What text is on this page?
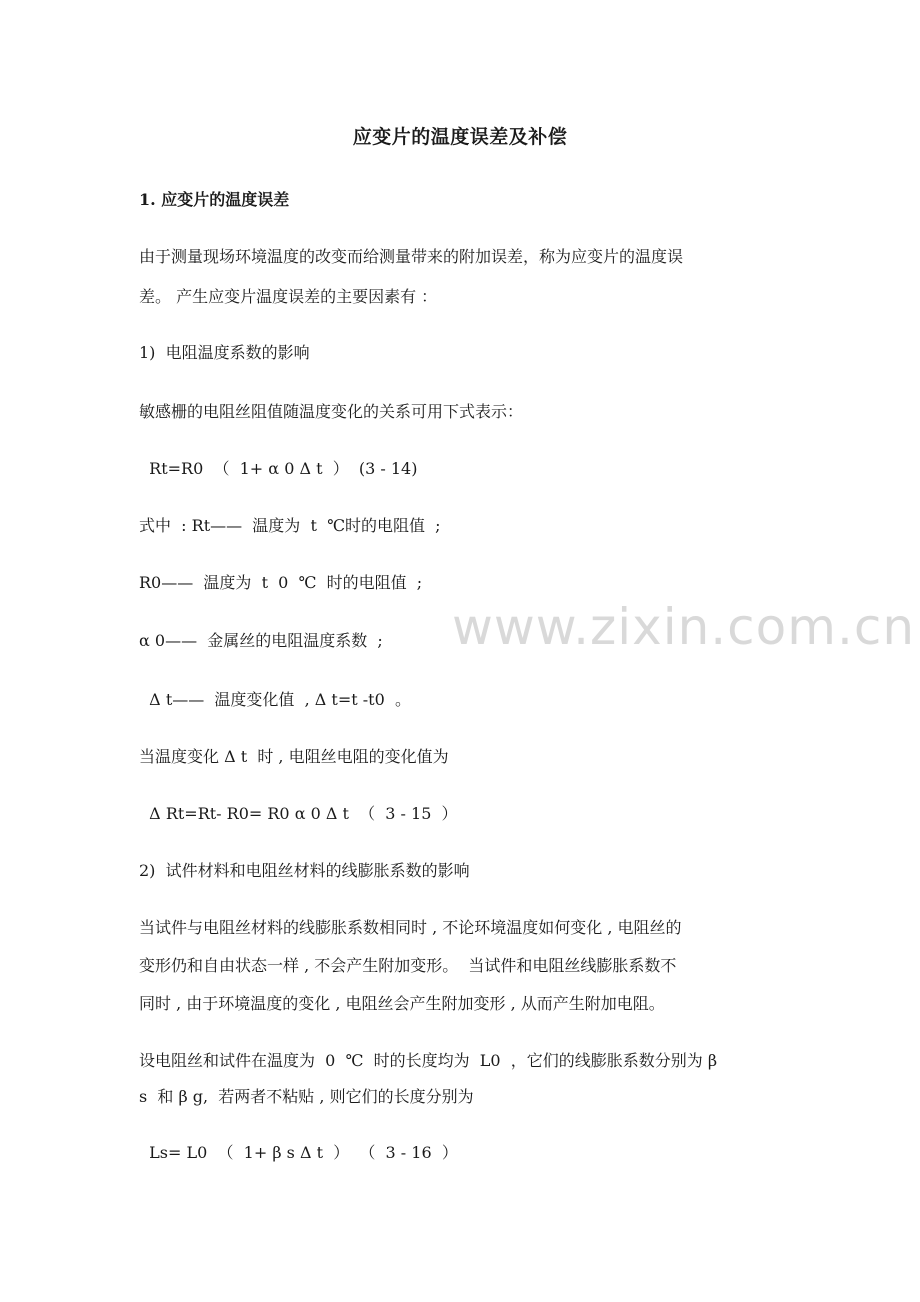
应变片的温度误差及补偿
1. 应变片的温度误差
由于测量现场环境温度的改变而给测量带来的附加误差，称为应变片的温度误
差。 产生应变片温度误差的主要因素有 ：
1)  电阻温度系数的影响
敏感栅的电阻丝阻值随温度变化的关系可用下式表示：
Rt=R0  （  1+ α 0 Δ t  ）  (3 - 14)
式中  : Rt——  温度为  t  ℃时的电阻值  ;
R0——  温度为  t  0  ℃  时的电阻值  ;
α 0——  金属丝的电阻温度系数  ;
Δ t——  温度变化值  , Δ t=t -t0  。
当温度变化 Δ t  时 , 电阻丝电阻的变化值为
Δ Rt=Rt- R0= R0 α 0 Δ t  （  3 - 15  ）
2)  试件材料和电阻丝材料的线膨胀系数的影响
当试件与电阻丝材料的线膨胀系数相同时 , 不论环境温度如何变化 , 电阻丝的
变形仍和自由状态一样 , 不会产生附加变形。  当试件和电阻丝线膨胀系数不
同时 , 由于环境温度的变化 , 电阻丝会产生附加变形 , 从而产生附加电阻。
设电阻丝和试件在温度为  0  ℃  时的长度均为  L0  ，它们的线膨胀系数分别为 β
s  和 β g,  若两者不粘贴 , 则它们的长度分别为
Ls= L0  （  1+ β s Δ t  ）  （  3 - 16  ）
www.zixin.com.cn
